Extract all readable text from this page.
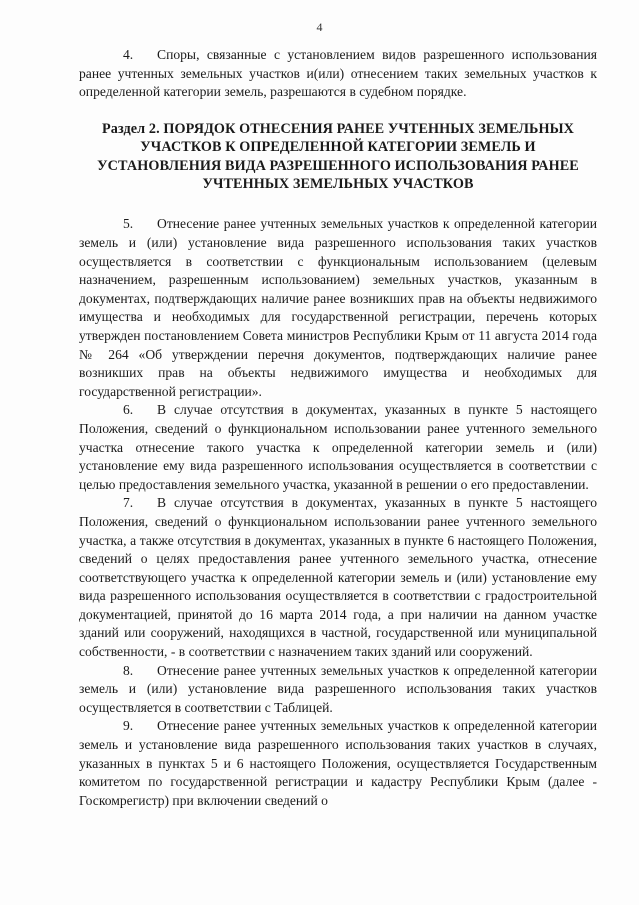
4

4. Споры, связанные с установлением видов разрешенного использования ранее учтенных земельных участков и(или) отнесением таких земельных участков к определенной категории земель, разрешаются в судебном порядке.

Раздел 2. ПОРЯДОК ОТНЕСЕНИЯ РАНЕЕ УЧТЕННЫХ ЗЕМЕЛЬНЫХ УЧАСТКОВ К ОПРЕДЕЛЕННОЙ КАТЕГОРИИ ЗЕМЕЛЬ И УСТАНОВЛЕНИЯ ВИДА РАЗРЕШЕННОГО ИСПОЛЬЗОВАНИЯ РАНЕЕ УЧТЕННЫХ ЗЕМЕЛЬНЫХ УЧАСТКОВ

5. Отнесение ранее учтенных земельных участков к определенной категории земель и (или) установление вида разрешенного использования таких участков осуществляется в соответствии с функциональным использованием (целевым назначением, разрешенным использованием) земельных участков, указанным в документах, подтверждающих наличие ранее возникших прав на объекты недвижимого имущества и необходимых для государственной регистрации, перечень которых утвержден постановлением Совета министров Республики Крым от 11 августа 2014 года № 264 «Об утверждении перечня документов, подтверждающих наличие ранее возникших прав на объекты недвижимого имущества и необходимых для государственной регистрации».

6. В случае отсутствия в документах, указанных в пункте 5 настоящего Положения, сведений о функциональном использовании ранее учтенного земельного участка отнесение такого участка к определенной категории земель и (или) установление ему вида разрешенного использования осуществляется в соответствии с целью предоставления земельного участка, указанной в решении о его предоставлении.

7. В случае отсутствия в документах, указанных в пункте 5 настоящего Положения, сведений о функциональном использовании ранее учтенного земельного участка, а также отсутствия в документах, указанных в пункте 6 настоящего Положения, сведений о целях предоставления ранее учтенного земельного участка, отнесение соответствующего участка к определенной категории земель и (или) установление ему вида разрешенного использования осуществляется в соответствии с градостроительной документацией, принятой до 16 марта 2014 года, а при наличии на данном участке зданий или сооружений, находящихся в частной, государственной или муниципальной собственности, - в соответствии с назначением таких зданий или сооружений.

8. Отнесение ранее учтенных земельных участков к определенной категории земель и (или) установление вида разрешенного использования таких участков осуществляется в соответствии с Таблицей.

9. Отнесение ранее учтенных земельных участков к определенной категории земель и установление вида разрешенного использования таких участков в случаях, указанных в пунктах 5 и 6 настоящего Положения, осуществляется Государственным комитетом по государственной регистрации и кадастру Республики Крым (далее - Госкомрегистр) при включении сведений о
